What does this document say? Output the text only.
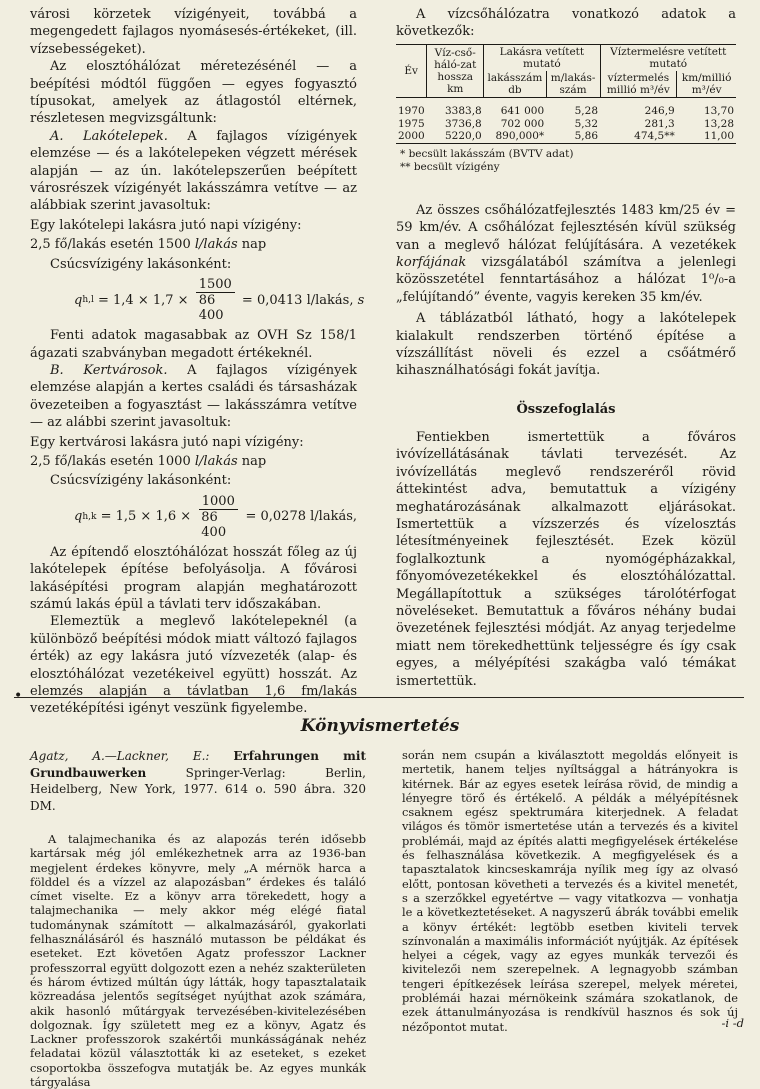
városi körzetek vízigényeit, továbbá a megengedett fajlagos nyomásesés-értékeket, (ill. vízsebességeket).

Az elosztóhálózat méretezésénél — a beépítési módtól függően — egyes fogyasztó típusokat, amelyek az átlagostól eltérnek, részletesen megvizsgáltunk:

A. Lakótelepek. A fajlagos vízigények elemzése — és a lakótelepeken végzett mérések alapján — az ún. lakótelepszerűen beépített városrészek vízigényét lakásszámra vetítve — az alábbiak szerint javasoltuk:

Egy lakótelepi lakásra jutó napi vízigény:

2,5 fő/lakás esetén 1500 l/lakás nap

Csúcsvízigény lakásonként:

q $h,l = 1,4 \times 1,7 \times \frac{1500}{86 400} = 0,0413$ l/lakás, s

Fenti adatok magasabbak az OVH Sz 158/1 ágazati szabványban megadott értékeknél.

B. Kertvárosok. A fajlagos vízigények elemzése alapján a kertes családi és társasházak övezeteiben a fogyasztást — lakásszámra vetítve — az alábbi szerint javasoltuk:

Egy kertvárosi lakásra jutó napi vízigény:

2,5 fő/lakás esetén 1000 l/lakás nap

Csúcsvízigény lakásonként:

q $h,k = 1,5 \times 1,6 \times \frac{1000}{86 400} = 0,0278$ l/lakás,

Az építendő elosztóhálózat hosszát főleg az új lakótelepek építése befolyásolja. A fővárosi lakásépítési program alapján meghatározott számú lakás épül a távlati terv időszakában.

Elemeztük a meglevő lakótelepeknél (a különböző beépítési módok miatt változó fajlagos érték) az egy lakásra jutó vízvezeték (alap- és elosztóhálózat vezetékeivel együtt) hosszát. Az elemzés alapján a távlatban 1,6 fm/lakás vezetéképítési igényt veszünk figyelembe.

A vízcsőhálózatra vonatkozó adatok a következők:

Év	Víz-cső-háló-zat hossza km	Lakásra vetített mutató		Víztermelésre vetített mutató	
		lakásszám db	m/lakás-szám	víztermelés millió m³/év	km/millió m³/év

1970	3383,8	641 000	5,28	246,9	13,70
1975	3736,8	702 000	5,32	281,3	13,28
2000	5220,0	890,000*	5,86	474,5**	11,00

* becsült lakásszám (BVTV adat)

** becsült vízigény

Az összes csőhálózatfejlesztés 1483 km/25 év = 59 km/év. A csőhálózat fejlesztésén kívül szükség van a meglevő hálózat felújítására. A vezetékek korfájának vizsgálatából számítva a jelenlegi közösszetétel fenntartásához a hálózat 1⁰/₀-a „felújítandó” évente, vagyis kereken 35 km/év.

A táblázatból látható, hogy a lakótelepek kialakult rendszerben történő építése a vízszállítást növeli és ezzel a csőátmérő kihasználhatósági fokát javítja.

Összefoglalás

Fentiekben ismertettük a főváros ivóvízellátásának távlati tervezését. Az ivóvízellátás meglevő rendszeréről rövid áttekintést adva, bemutattuk a vízigény meghatározásának alkalmazott eljárásokat. Ismertettük a vízszerzés és vízelosztás létesítményeinek fejlesztését. Ezek közül foglalkoztunk a nyomógépházakkal, főnyomóvezetékekkel és elosztóhálózattal. Megállapítottuk a szükséges tárolótérfogat növeléseket. Bemutattuk a főváros néhány budai övezetének fejlesztési módját. Az anyag terjedelme miatt nem törekedhettünk teljességre és így csak egyes, a mélyépítési szakágba való témákat ismertettük.

•
Könyvismertetés

Agatz, A.—Lackner, E.: Erfahrungen mit Grundbauwerken Springer-Verlag: Berlin, Heidelberg, New York, 1977. 614 o. 590 ábra. 320 DM.

A talajmechanika és az alapozás terén idősebb kartársak még jól emlékezhetnek arra az 1936-ban megjelent érdekes könyvre, mely „A mérnök harca a földdel és a vízzel az alapozásban” érdekes és találó címet viselte. Ez a könyv arra törekedett, hogy a talajmechanika — mely akkor még elégé fiatal tudománynak számított — alkalmazásáról, gyakorlati felhasználásáról és használó mutasson be példákat és eseteket. Ezt követően Agatz professzor Lackner professzorral együtt dolgozott ezen a nehéz szakterületen és három évtized múltán úgy látták, hogy tapasztalataik közreadása jelentős segítséget nyújthat azok számára, akik hasonló műtárgyak tervezésében-kivitelezésében dolgoznak. Így született meg ez a könyv, Agatz és Lackner professzorok szakértői munkásságának nehéz feladatai közül választották ki az eseteket, s ezeket csoportokba összefogva mutatják be. Az egyes munkák tárgyalása

során nem csupán a kiválasztott megoldás előnyeit is mertetik, hanem teljes nyíltsággal a hátrányokra is kitérnek. Bár az egyes esetek leírása rövid, de mindig a lényegre törő és értékelő. A példák a mélyépítésnek csaknem egész spektrumára kiterjednek. A feladat világos és tömör ismertetése után a tervezés és a kivitel problémái, majd az építés alatti megfigyelések értékelése és felhasználása következik. A megfigyelések és a tapasztalatok kincseskamrája nyílik meg így az olvasó előtt, pontosan követheti a tervezés és a kivitel menetét, s a szerzőkkel egyetértve — vagy vitatkozva — vonhatja le a következtetéseket. A nagyszerű ábrák további emelik a könyv értékét: legtöbb esetben kiviteli tervek színvonalán a maximális információt nyújtják. Az építések helyei a cégek, vagy az egyes munkák tervezői és kivitelezői nem szerepelnek. A legnagyobb számban tengeri építkezések leírása szerepel, melyek méretei, problémái hazai mérnökeink számára szokatlanok, de ezek áttanulmányozása is rendkívül hasznos és sok új nézőpontot mutat.	-i -d
